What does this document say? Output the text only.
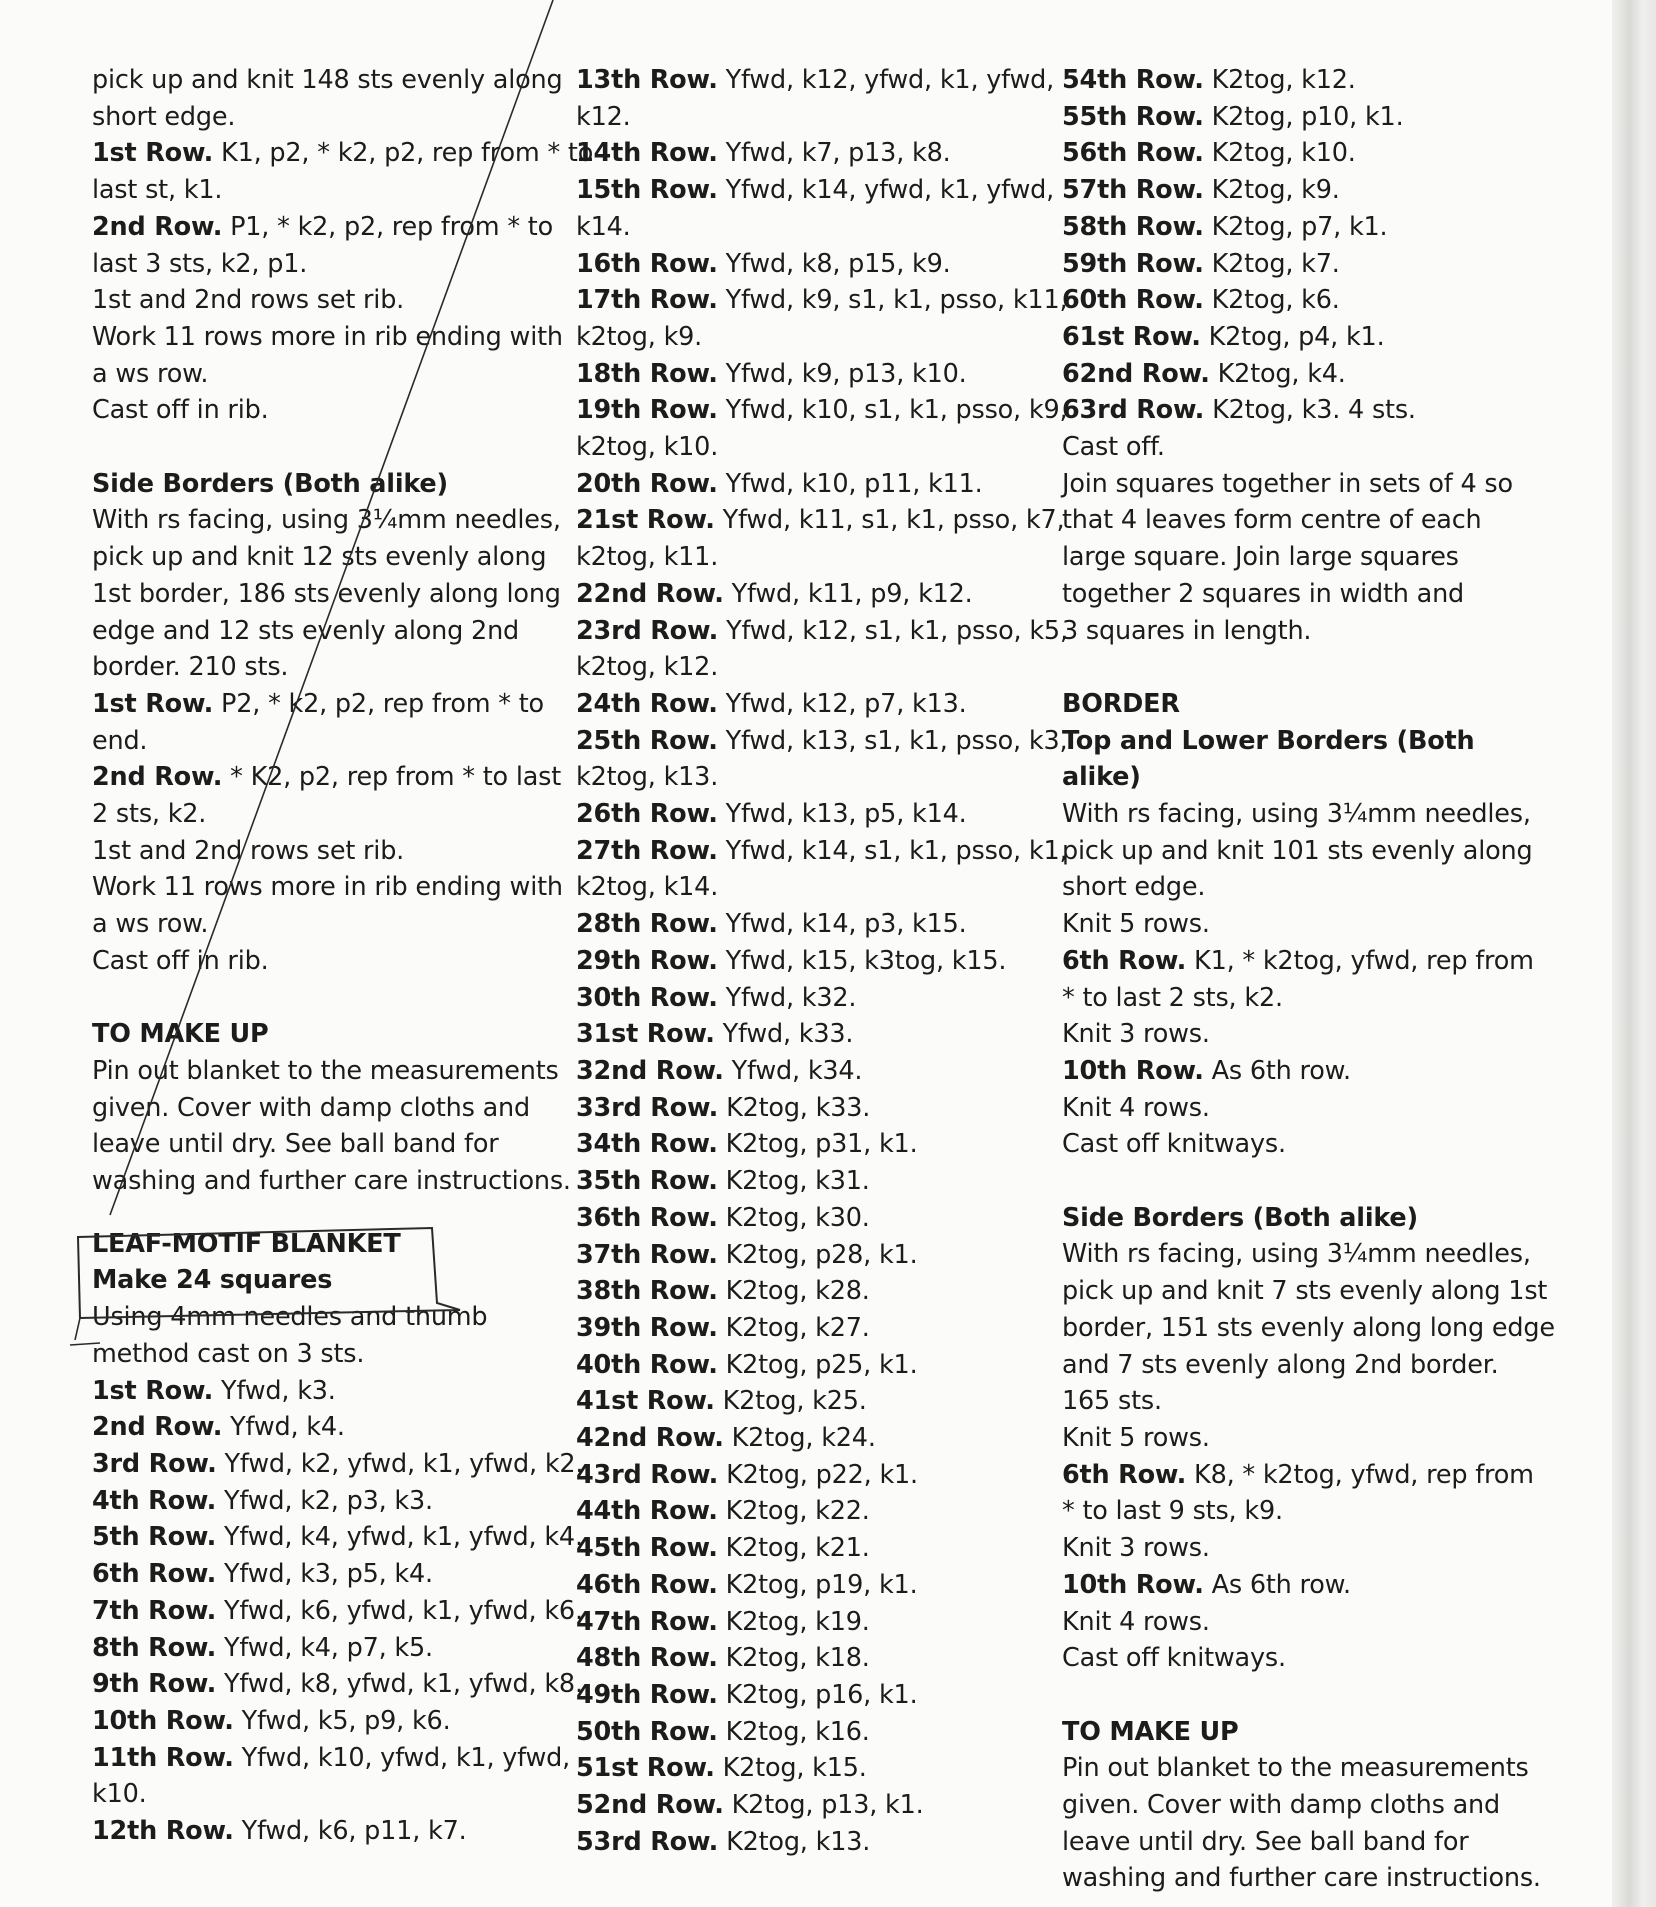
pick up and knit 148 sts evenly along
short edge.
1st Row. K1, p2, * k2, p2, rep from * to
last st, k1.
2nd Row. P1, * k2, p2, rep from * to
last 3 sts, k2, p1.
1st and 2nd rows set rib.
Work 11 rows more in rib ending with
a ws row.
Cast off in rib.
Side Borders (Both alike)
With rs facing, using 3¼mm needles,
pick up and knit 12 sts evenly along
1st border, 186 sts evenly along long
edge and 12 sts evenly along 2nd
border. 210 sts.
1st Row. P2, * k2, p2, rep from * to
end.
2nd Row. * K2, p2, rep from * to last
2 sts, k2.
1st and 2nd rows set rib.
Work 11 rows more in rib ending with
a ws row.
Cast off in rib.
TO MAKE UP
Pin out blanket to the measurements
given. Cover with damp cloths and
leave until dry. See ball band for
washing and further care instructions.
LEAF-MOTIF BLANKET
Make 24 squares
Using 4mm needles and thumb
method cast on 3 sts.
1st Row. Yfwd, k3.
2nd Row. Yfwd, k4.
3rd Row. Yfwd, k2, yfwd, k1, yfwd, k2.
4th Row. Yfwd, k2, p3, k3.
5th Row. Yfwd, k4, yfwd, k1, yfwd, k4.
6th Row. Yfwd, k3, p5, k4.
7th Row. Yfwd, k6, yfwd, k1, yfwd, k6.
8th Row. Yfwd, k4, p7, k5.
9th Row. Yfwd, k8, yfwd, k1, yfwd, k8.
10th Row. Yfwd, k5, p9, k6.
11th Row. Yfwd, k10, yfwd, k1, yfwd,
k10.
12th Row. Yfwd, k6, p11, k7.
13th Row. Yfwd, k12, yfwd, k1, yfwd,
k12.
14th Row. Yfwd, k7, p13, k8.
15th Row. Yfwd, k14, yfwd, k1, yfwd,
k14.
16th Row. Yfwd, k8, p15, k9.
17th Row. Yfwd, k9, s1, k1, psso, k11,
k2tog, k9.
18th Row. Yfwd, k9, p13, k10.
19th Row. Yfwd, k10, s1, k1, psso, k9,
k2tog, k10.
20th Row. Yfwd, k10, p11, k11.
21st Row. Yfwd, k11, s1, k1, psso, k7,
k2tog, k11.
22nd Row. Yfwd, k11, p9, k12.
23rd Row. Yfwd, k12, s1, k1, psso, k5,
k2tog, k12.
24th Row. Yfwd, k12, p7, k13.
25th Row. Yfwd, k13, s1, k1, psso, k3,
k2tog, k13.
26th Row. Yfwd, k13, p5, k14.
27th Row. Yfwd, k14, s1, k1, psso, k1,
k2tog, k14.
28th Row. Yfwd, k14, p3, k15.
29th Row. Yfwd, k15, k3tog, k15.
30th Row. Yfwd, k32.
31st Row. Yfwd, k33.
32nd Row. Yfwd, k34.
33rd Row. K2tog, k33.
34th Row. K2tog, p31, k1.
35th Row. K2tog, k31.
36th Row. K2tog, k30.
37th Row. K2tog, p28, k1.
38th Row. K2tog, k28.
39th Row. K2tog, k27.
40th Row. K2tog, p25, k1.
41st Row. K2tog, k25.
42nd Row. K2tog, k24.
43rd Row. K2tog, p22, k1.
44th Row. K2tog, k22.
45th Row. K2tog, k21.
46th Row. K2tog, p19, k1.
47th Row. K2tog, k19.
48th Row. K2tog, k18.
49th Row. K2tog, p16, k1.
50th Row. K2tog, k16.
51st Row. K2tog, k15.
52nd Row. K2tog, p13, k1.
53rd Row. K2tog, k13.
54th Row. K2tog, k12.
55th Row. K2tog, p10, k1.
56th Row. K2tog, k10.
57th Row. K2tog, k9.
58th Row. K2tog, p7, k1.
59th Row. K2tog, k7.
60th Row. K2tog, k6.
61st Row. K2tog, p4, k1.
62nd Row. K2tog, k4.
63rd Row. K2tog, k3. 4 sts.
Cast off.
Join squares together in sets of 4 so
that 4 leaves form centre of each
large square. Join large squares
together 2 squares in width and
3 squares in length.
BORDER
Top and Lower Borders (Both alike)
With rs facing, using 3¼mm needles,
pick up and knit 101 sts evenly along
short edge.
Knit 5 rows.
6th Row. K1, * k2tog, yfwd, rep from
* to last 2 sts, k2.
Knit 3 rows.
10th Row. As 6th row.
Knit 4 rows.
Cast off knitways.
Side Borders (Both alike)
With rs facing, using 3¼mm needles,
pick up and knit 7 sts evenly along 1st
border, 151 sts evenly along long edge
and 7 sts evenly along 2nd border.
165 sts.
Knit 5 rows.
6th Row. K8, * k2tog, yfwd, rep from
* to last 9 sts, k9.
Knit 3 rows.
10th Row. As 6th row.
Knit 4 rows.
Cast off knitways.
TO MAKE UP
Pin out blanket to the measurements
given. Cover with damp cloths and
leave until dry. See ball band for
washing and further care instructions.
